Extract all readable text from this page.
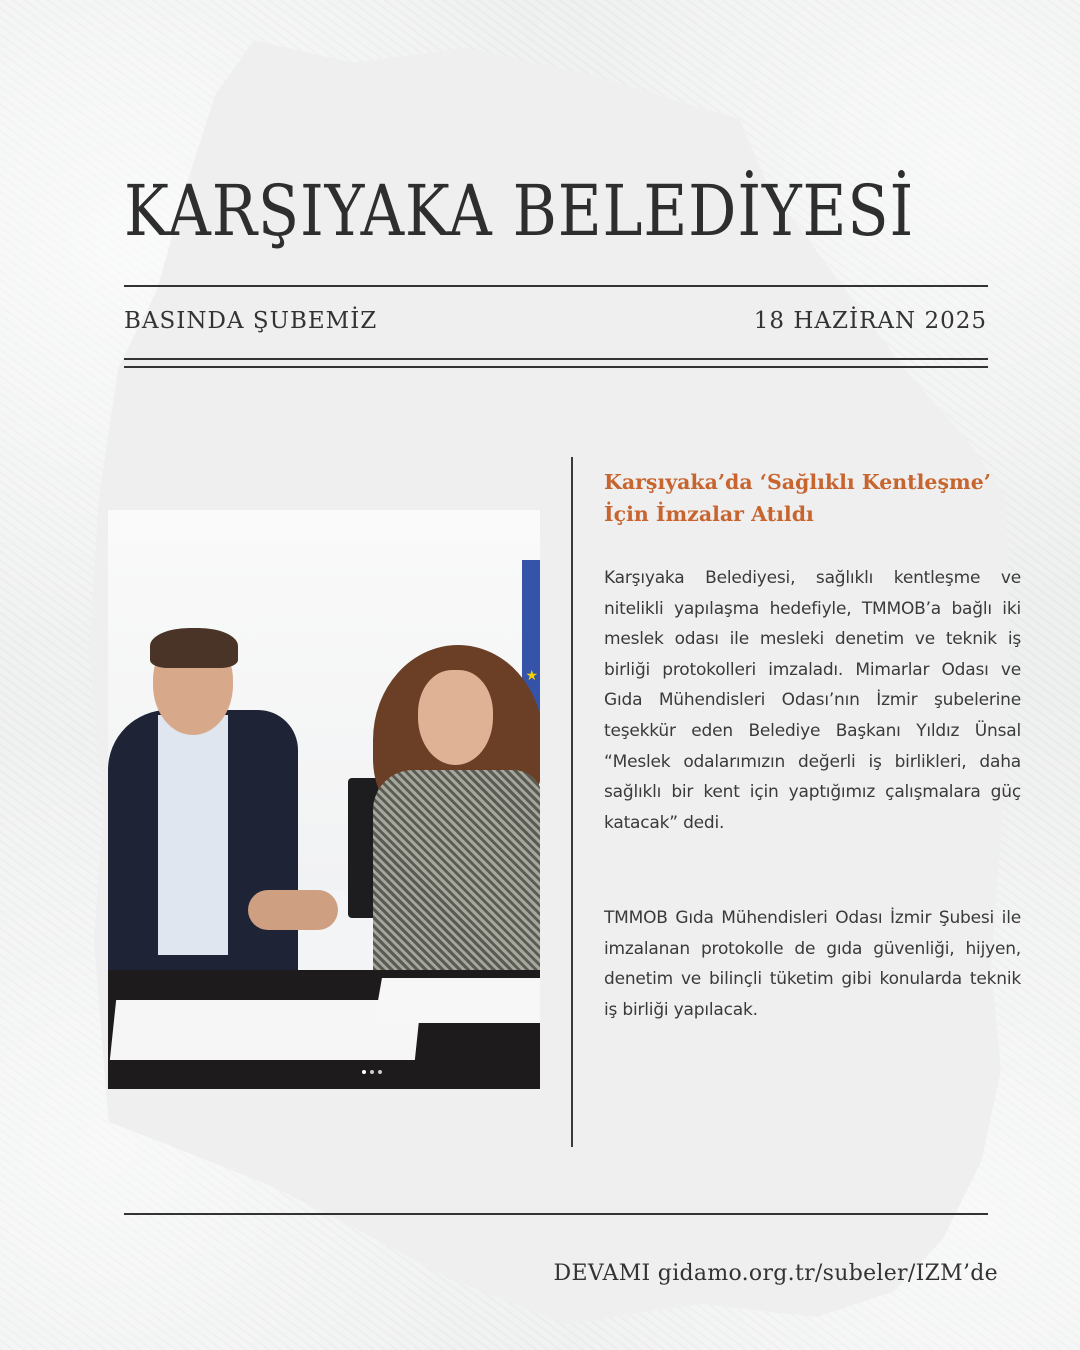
KARŞIYAKA BELEDİYESİ
BASINDA ŞUBEMİZ	18 HAZİRAN 2025
★
Karşıyaka’da ‘Sağlıklı Kentleşme’ İçin İmzalar Atıldı

Karşıyaka Belediyesi, sağlıklı kentleşme ve nitelikli yapılaşma hedefiyle, TMMOB’a bağlı iki meslek odası ile mesleki denetim ve teknik iş birliği protokolleri imzaladı. Mimarlar Odası ve Gıda Mühendisleri Odası’nın İzmir şubelerine teşekkür eden Belediye Başkanı Yıldız Ünsal “Meslek odalarımızın değerli iş birlikleri, daha sağlıklı bir kent için yaptığımız çalışmalara güç katacak” dedi.

TMMOB Gıda Mühendisleri Odası İzmir Şubesi ile imzalanan protokolle de gıda güvenliği, hijyen, denetim ve bilinçli tüketim gibi konularda teknik iş birliği yapılacak.

DEVAMI gidamo.org.tr/subeler/IZM’de
